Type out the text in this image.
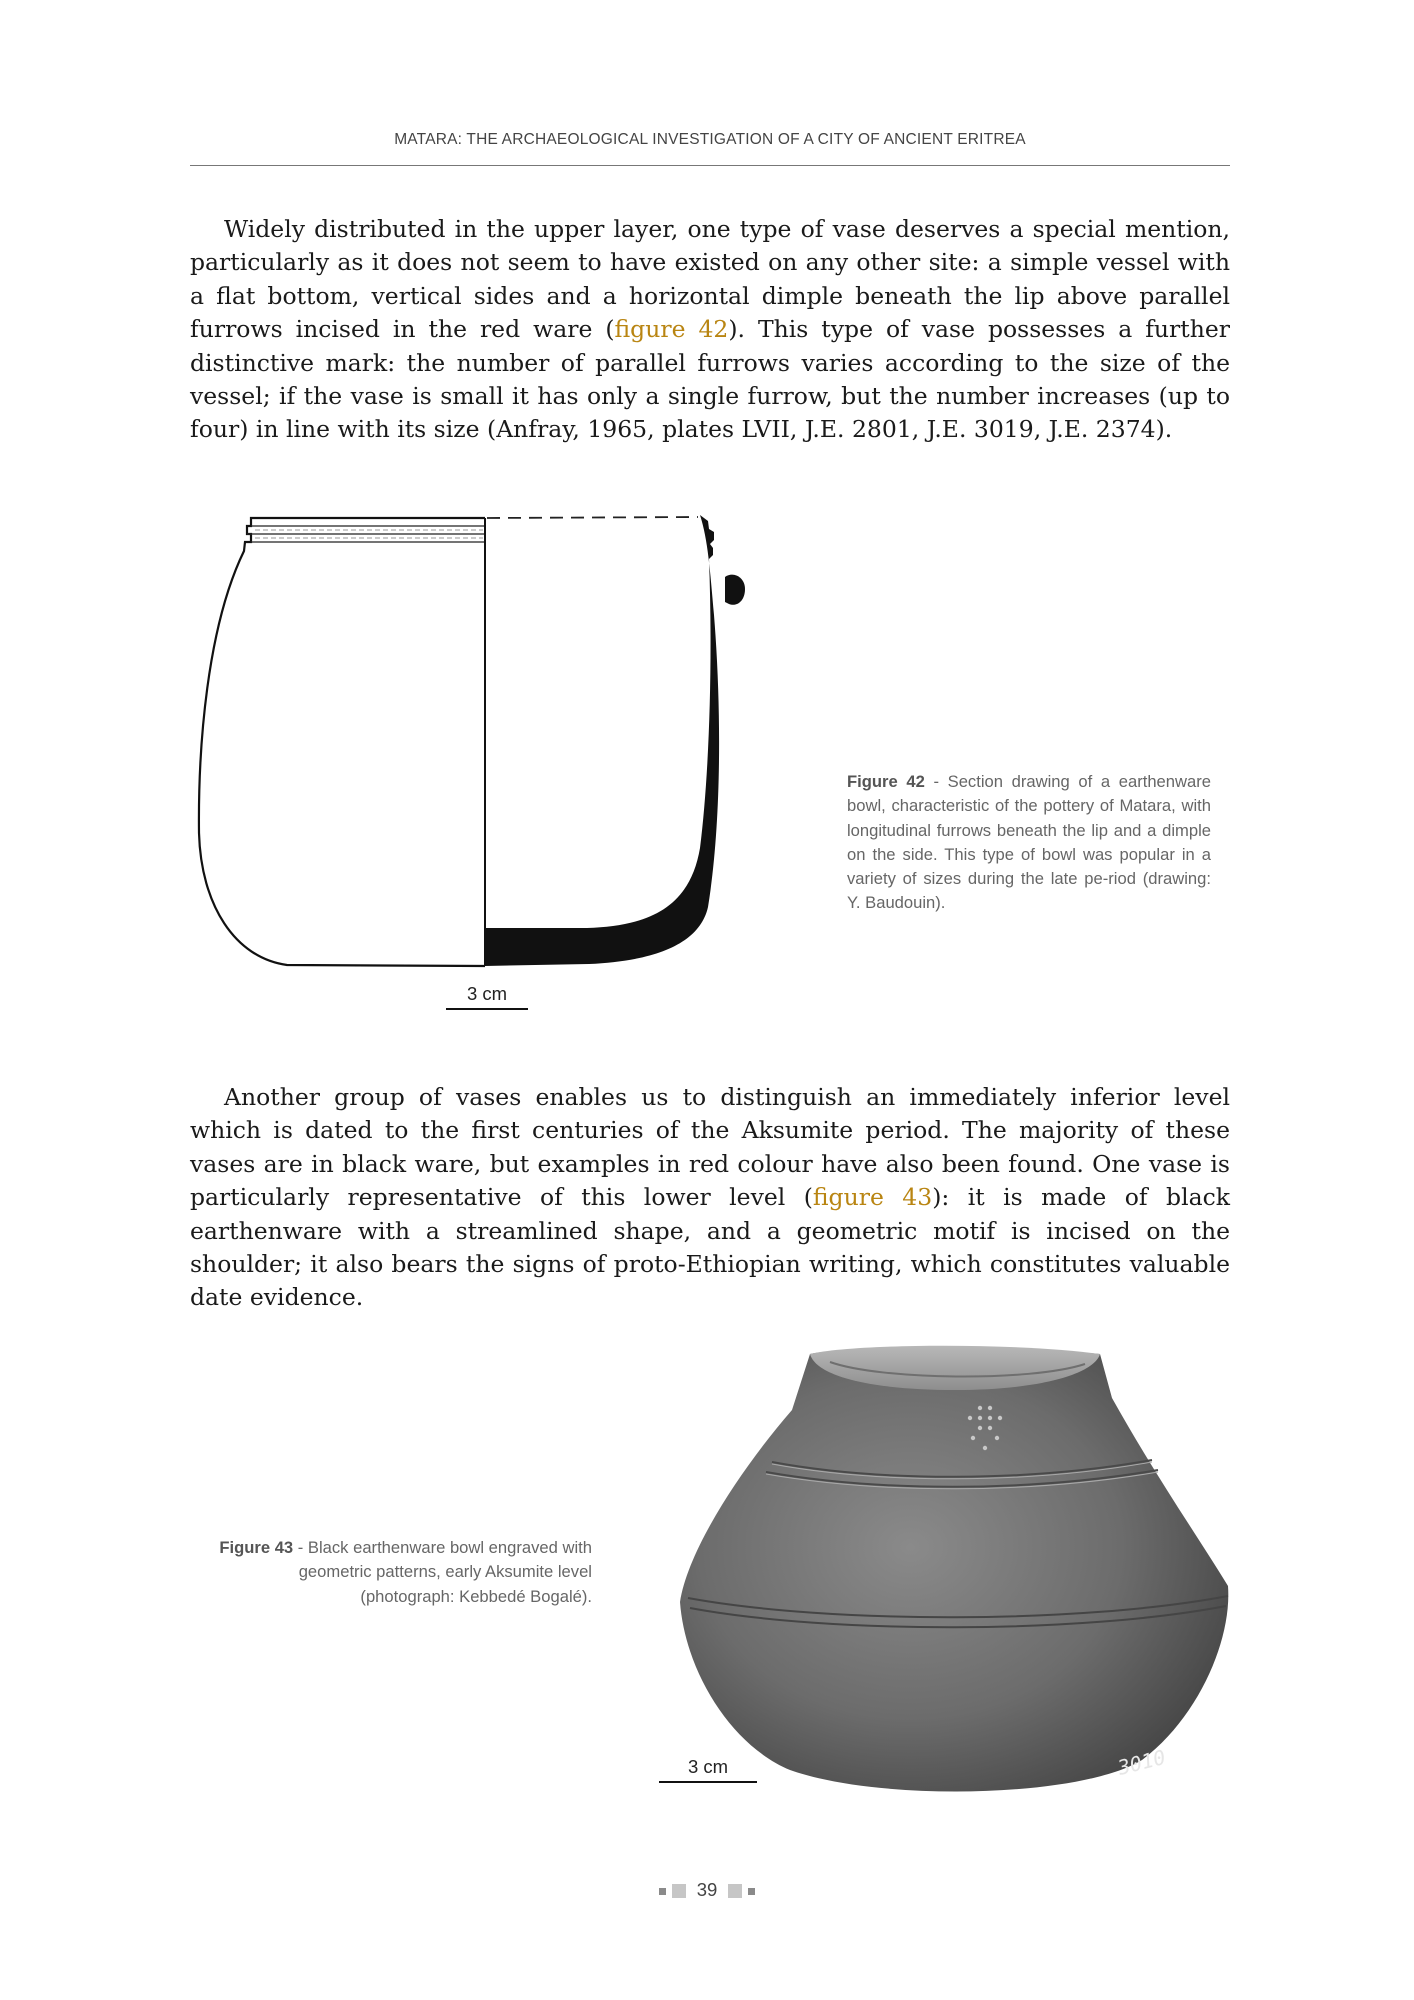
MATARA: THE ARCHAEOLOGICAL INVESTIGATION OF A CITY OF ANCIENT ERITREA

Widely distributed in the upper layer, one type of vase deserves a special mention, particularly as it does not seem to have existed on any other site: a simple vessel with a flat bottom, vertical sides and a horizontal dimple beneath the lip above parallel furrows incised in the red ware (figure 42). This type of vase possesses a further distinctive mark: the number of parallel furrows varies according to the size of the vessel; if the vase is small it has only a single furrow, but the number increases (up to four) in line with its size (Anfray, 1965, plates LVII, J.E. 2801, J.E. 3019, J.E. 2374).

3 cm

Figure 42 - Section drawing of a earthenware bowl, characteristic of the pottery of Matara, with longitudinal furrows beneath the lip and a dimple on the side. This type of bowl was popular in a variety of sizes during the late pe-riod (drawing: Y. Baudouin).

Another group of vases enables us to distinguish an immediately inferior level which is dated to the first centuries of the Aksumite period. The majority of these vases are in black ware, but examples in red colour have also been found. One vase is particularly representative of this lower level (figure 43): it is made of black earthenware with a streamlined shape, and a geometric motif is incised on the shoulder; it also bears the signs of proto-Ethiopian writing, which constitutes valuable date evidence.

Figure 43 - Black earthenware bowl engraved with geometric patterns, early Aksumite level (photograph: Kebbedé Bogalé).

3010
3 cm
39
